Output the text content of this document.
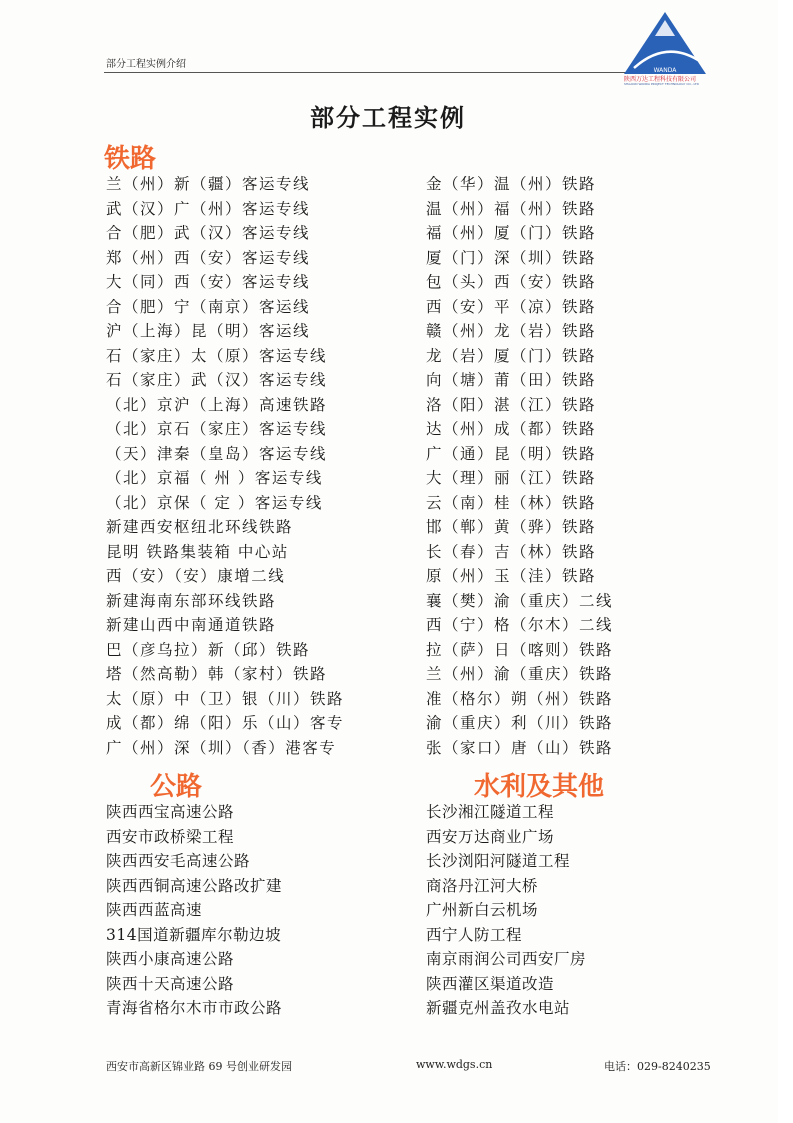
部分工程实例介绍
WANDA
陕西万达工程科技有限公司
SHAANXI WANDA PROJECT TECHNOLOGY CO., LTD
部分工程实例
铁路
兰（州）新（疆）客运专线
武（汉）广（州）客运专线
合（肥）武（汉）客运专线
郑（州）西（安）客运专线
大（同）西（安）客运专线
合（肥）宁（南京）客运线
沪（上海）昆（明）客运线
石（家庄）太（原）客运专线
石（家庄）武（汉）客运专线
（北）京沪（上海）高速铁路
（北）京石（家庄）客运专线
（天）津秦（皇岛）客运专线
（北）京福（ 州 ）客运专线
（北）京保（ 定 ）客运专线
新建西安枢纽北环线铁路
昆明 铁路集装箱 中心站
西（安）（安）康增二线
新建海南东部环线铁路
新建山西中南通道铁路
巴（彦乌拉）新（邱）铁路
塔（然高勒）韩（家村）铁路
太（原）中（卫）银（川）铁路
成（都）绵（阳）乐（山）客专
广（州）深（圳）（香）港客专
金（华）温（州）铁路
温（州）福（州）铁路
福（州）厦（门）铁路
厦（门）深（圳）铁路
包（头）西（安）铁路
西（安）平（凉）铁路
赣（州）龙（岩）铁路
龙（岩）厦（门）铁路
向（塘）莆（田）铁路
洛（阳）湛（江）铁路
达（州）成（都）铁路
广（通）昆（明）铁路
大（理）丽（江）铁路
云（南）桂（林）铁路
邯（郸）黄（骅）铁路
长（春）吉（林）铁路
原（州）玉（洼）铁路
襄（樊）渝（重庆）二线
西（宁）格（尔木）二线
拉（萨）日（喀则）铁路
兰（州）渝（重庆）铁路
准（格尔）朔（州）铁路
渝（重庆）利（川）铁路
张（家口）唐（山）铁路
公路	水利及其他
陕西西宝高速公路
西安市政桥梁工程
陕西西安毛高速公路
陕西西铜高速公路改扩建
陕西西蓝高速
314国道新疆库尔勒边坡
陕西小康高速公路
陕西十天高速公路
青海省格尔木市市政公路
长沙湘江隧道工程
西安万达商业广场
长沙浏阳河隧道工程
商洛丹江河大桥
广州新白云机场
西宁人防工程
南京雨润公司西安厂房
陕西灌区渠道改造
新疆克州盖孜水电站
西安市高新区锦业路 69 号创业研发园	www.wdgs.cn	电话：029-8240235
